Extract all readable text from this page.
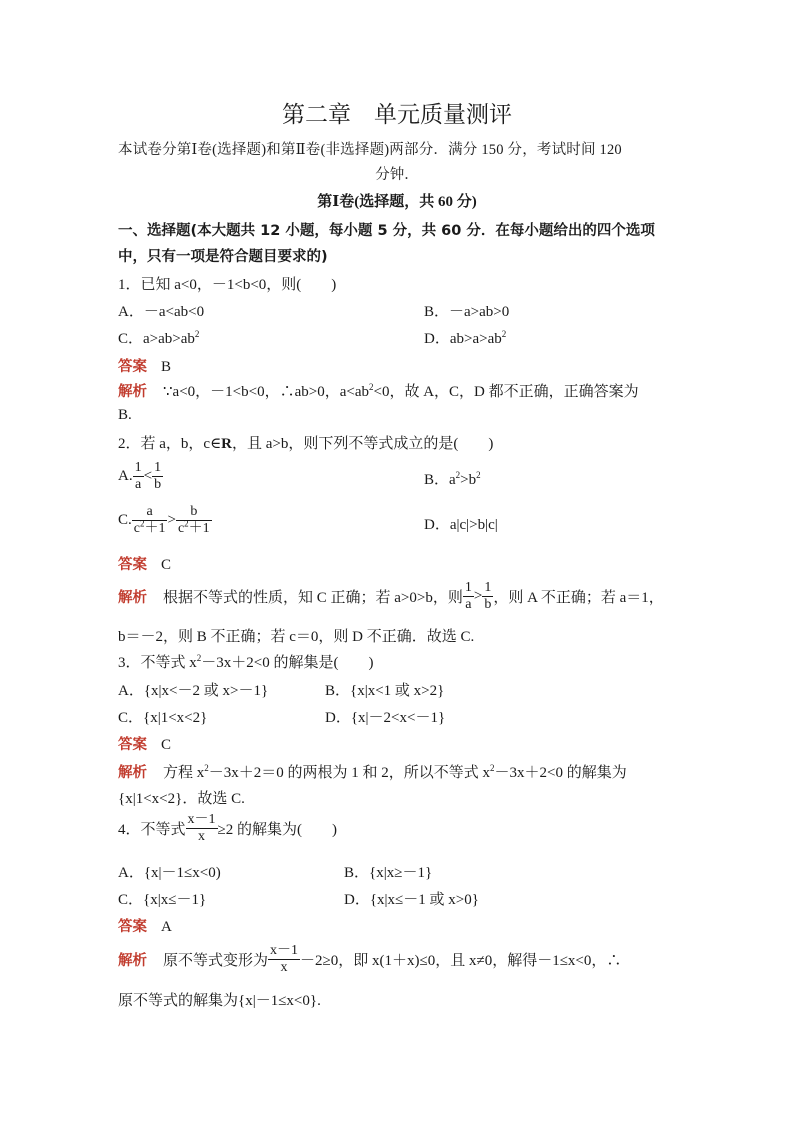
第二章　单元质量测评
本试卷分第Ⅰ卷(选择题)和第Ⅱ卷(非选择题)两部分．满分 150 分，考试时间 120
分钟．
第Ⅰ卷(选择题，共 60 分)
一、选择题(本大题共 12 小题，每小题 5 分，共 60 分．在每小题给出的四个选项
中，只有一项是符合题目要求的)
1．已知 a<0，－1<b<0，则(　　)
A．－a<ab<0	B．－a>ab>0
C．$a>ab>ab^2$	D．$ab>a>ab^2$
答案 B
解析 ∵a<0，－1<b<0，∴ab>0，$a<ab^2<0$，故 A，C，D 都不正确，正确答案为
B.
2．若 a，b，c∈R，且 a>b，则下列不等式成立的是(　　)
A. $\frac{1}{a} < \frac{1}{b}$	B．$a^2>b^2$
C. $\frac{a}{c^2+1} > \frac{b}{c^2+1}$	D．a|c|>b|c|
答案 C
解析 根据不等式的性质，知 C 正确；若 a>0>b，则 $\frac{1}{a} > \frac{1}{b}$ ，则 A 不正确；若 a＝1，
b＝－2，则 B 不正确；若 c＝0，则 D 不正确．故选 C.
3．不等式 $x^2-3x+2<0$ 的解集是(　　)
A．{x|x<－2 或 x>－1}	B．{x|x<1 或 x>2}
C．{x|1<x<2}	D．{x|－2<x<－1}
答案 C
解析 方程 $x^2-3x+2=0$ 的两根为 1 和 2，所以不等式 $x^2-3x+2<0$ 的解集为
{x|1<x<2}．故选 C.
4．不等式 $\frac{x-1}{x} \ge 2$ 的解集为(　　)
A．{x|－1≤x<0)	B．{x|x≥－1}
C．{x|x≤－1}	D．{x|x≤－1 或 x>0}
答案 A
解析 原不等式变形为 $\frac{x-1}{x} -2\ge 0$，即 x(1＋x)≤0，且 x≠0，解得－1≤x<0，∴
原不等式的解集为{x|－1≤x<0}.
